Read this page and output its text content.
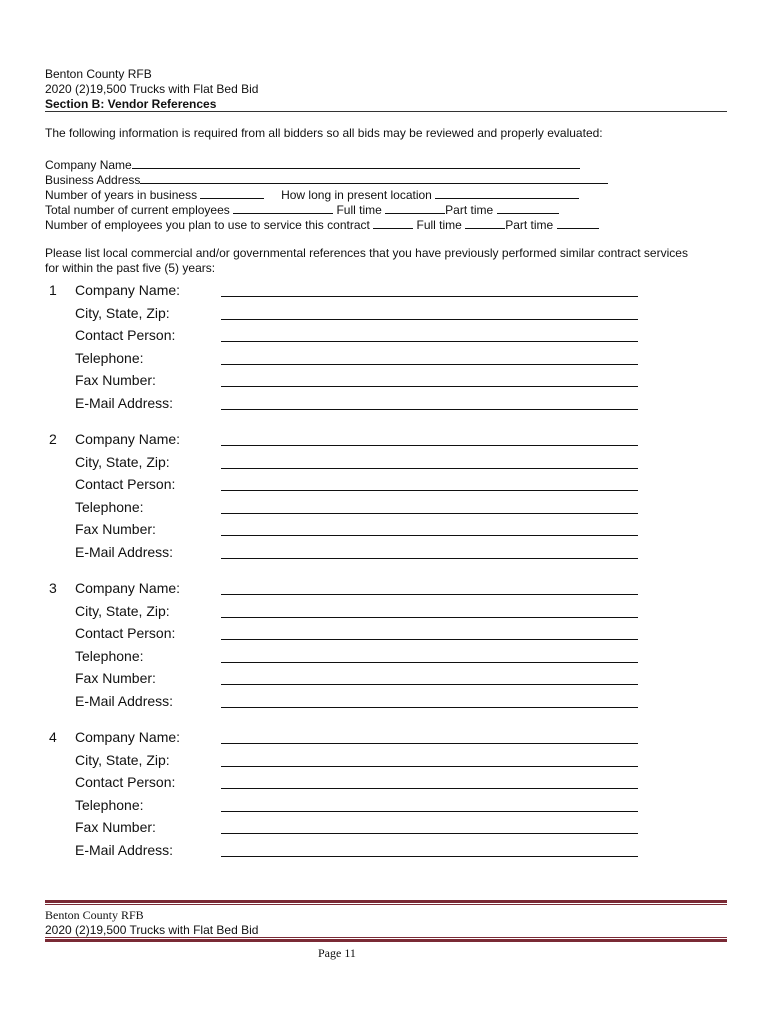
Benton County RFB
2020 (2)19,500 Trucks with Flat Bed Bid
Section B: Vendor References
The following information is required from all bidders so all bids may be reviewed and properly evaluated:
Company Name
Business Address
Number of years in business	How long in present location
Total number of current employees	Full time	Part time
Number of employees you plan to use to service this contract	Full time	Part time
Please list local commercial and/or governmental references that you have previously performed similar contract services for within the past five (5) years:
1 Company Name:
City, State, Zip:
Contact Person:
Telephone:
Fax Number:
E-Mail Address:
2 Company Name:
City, State, Zip:
Contact Person:
Telephone:
Fax Number:
E-Mail Address:
3 Company Name:
City, State, Zip:
Contact Person:
Telephone:
Fax Number:
E-Mail Address:
4 Company Name:
City, State, Zip:
Contact Person:
Telephone:
Fax Number:
E-Mail Address:
Benton County RFB
2020 (2)19,500 Trucks with Flat Bed Bid
Page 11
